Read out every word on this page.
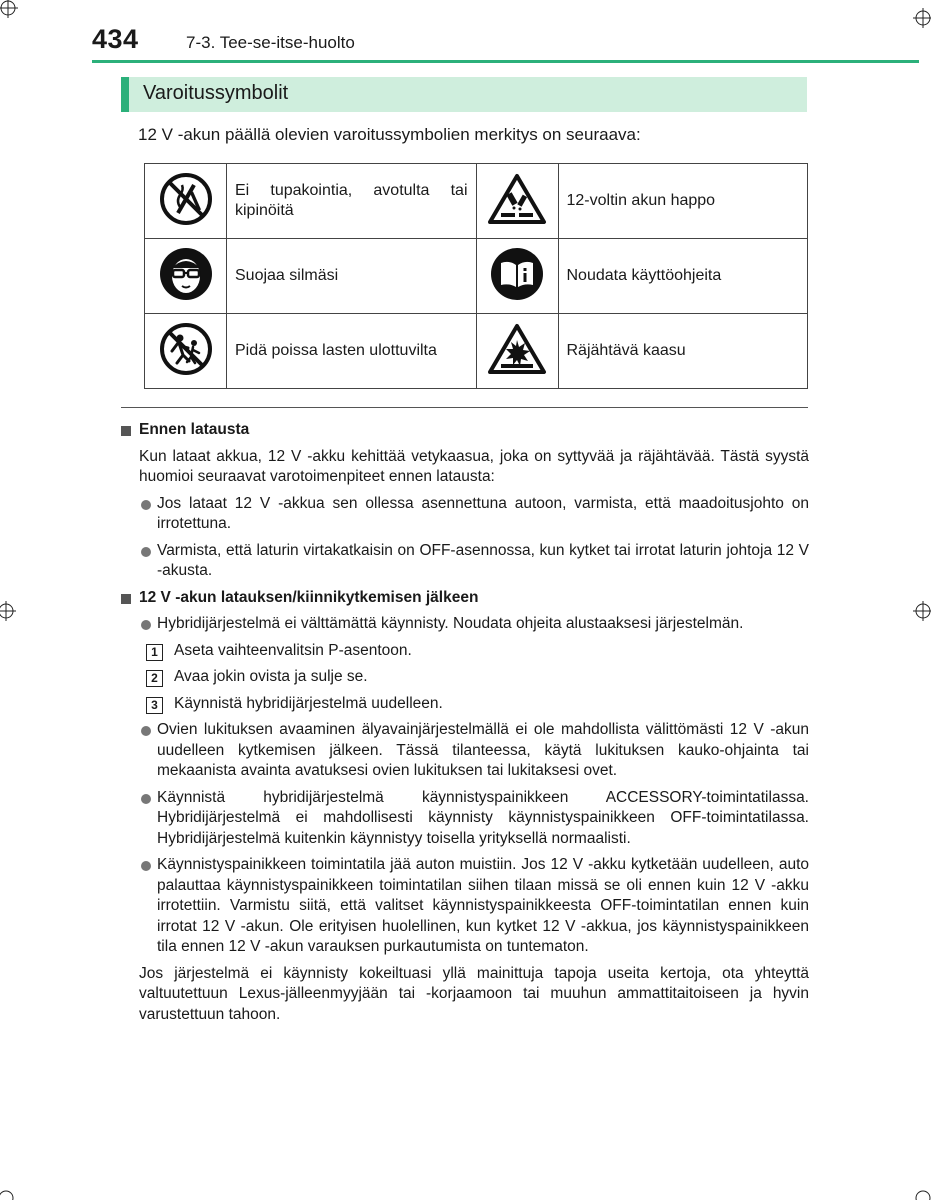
434	7-3. Tee-se-itse-huolto
Varoitussymbolit
12 V -akun päällä olevien varoitussymbolien merkitys on seuraava:
	Ei tupakointia, avotulta tai kipinöitä		12-voltin akun happo
	Suojaa silmäsi		Noudata käyttöohjeita
	Pidä poissa lasten ulottuvilta		Räjähtävä kaasu

Ennen latausta

Kun lataat akkua, 12 V -akku kehittää vetykaasua, joka on syttyvää ja räjähtävää. Tästä syystä huomioi seuraavat varotoimenpiteet ennen latausta:

Jos lataat 12 V -akkua sen ollessa asennettuna autoon, varmista, että maadoitusjohto on irrotettuna.

Varmista, että laturin virtakatkaisin on OFF-asennossa, kun kytket tai irrotat laturin johtoja 12 V -akusta.

12 V -akun latauksen/kiinnikytkemisen jälkeen

Hybridijärjestelmä ei välttämättä käynnisty. Noudata ohjeita alustaaksesi järjestelmän.

1	Aseta vaihteenvalitsin P-asentoon.

2	Avaa jokin ovista ja sulje se.

3	Käynnistä hybridijärjestelmä uudelleen.

Ovien lukituksen avaaminen älyavainjärjestelmällä ei ole mahdollista välittömästi 12 V -akun uudelleen kytkemisen jälkeen. Tässä tilanteessa, käytä lukituksen kauko-ohjainta tai mekaanista avainta avatuksesi ovien lukituksen tai lukitaksesi ovet.

Käynnistä hybridijärjestelmä käynnistyspainikkeen ACCESSORY-toimintatilassa. Hybridijärjestelmä ei mahdollisesti käynnisty käynnistyspainikkeen OFF-toimintatilassa. Hybridijärjestelmä kuitenkin käynnistyy toisella yrityksellä normaalisti.

Käynnistyspainikkeen toimintatila jää auton muistiin. Jos 12 V -akku kytketään uudelleen, auto palauttaa käynnistyspainikkeen toimintatilan siihen tilaan missä se oli ennen kuin 12 V -akku irrotettiin. Varmistu siitä, että valitset käynnistyspainikkeesta OFF-toimintatilan ennen kuin irrotat 12 V -akun. Ole erityisen huolellinen, kun kytket 12 V -akkua, jos käynnistyspainikkeen tila ennen 12 V -akun varauksen purkautumista on tuntematon.

Jos järjestelmä ei käynnisty kokeiltuasi yllä mainittuja tapoja useita kertoja, ota yhteyttä valtuutettuun Lexus-jälleenmyyjään tai -korjaamoon tai muuhun ammattitaitoiseen ja hyvin varustettuun tahoon.
